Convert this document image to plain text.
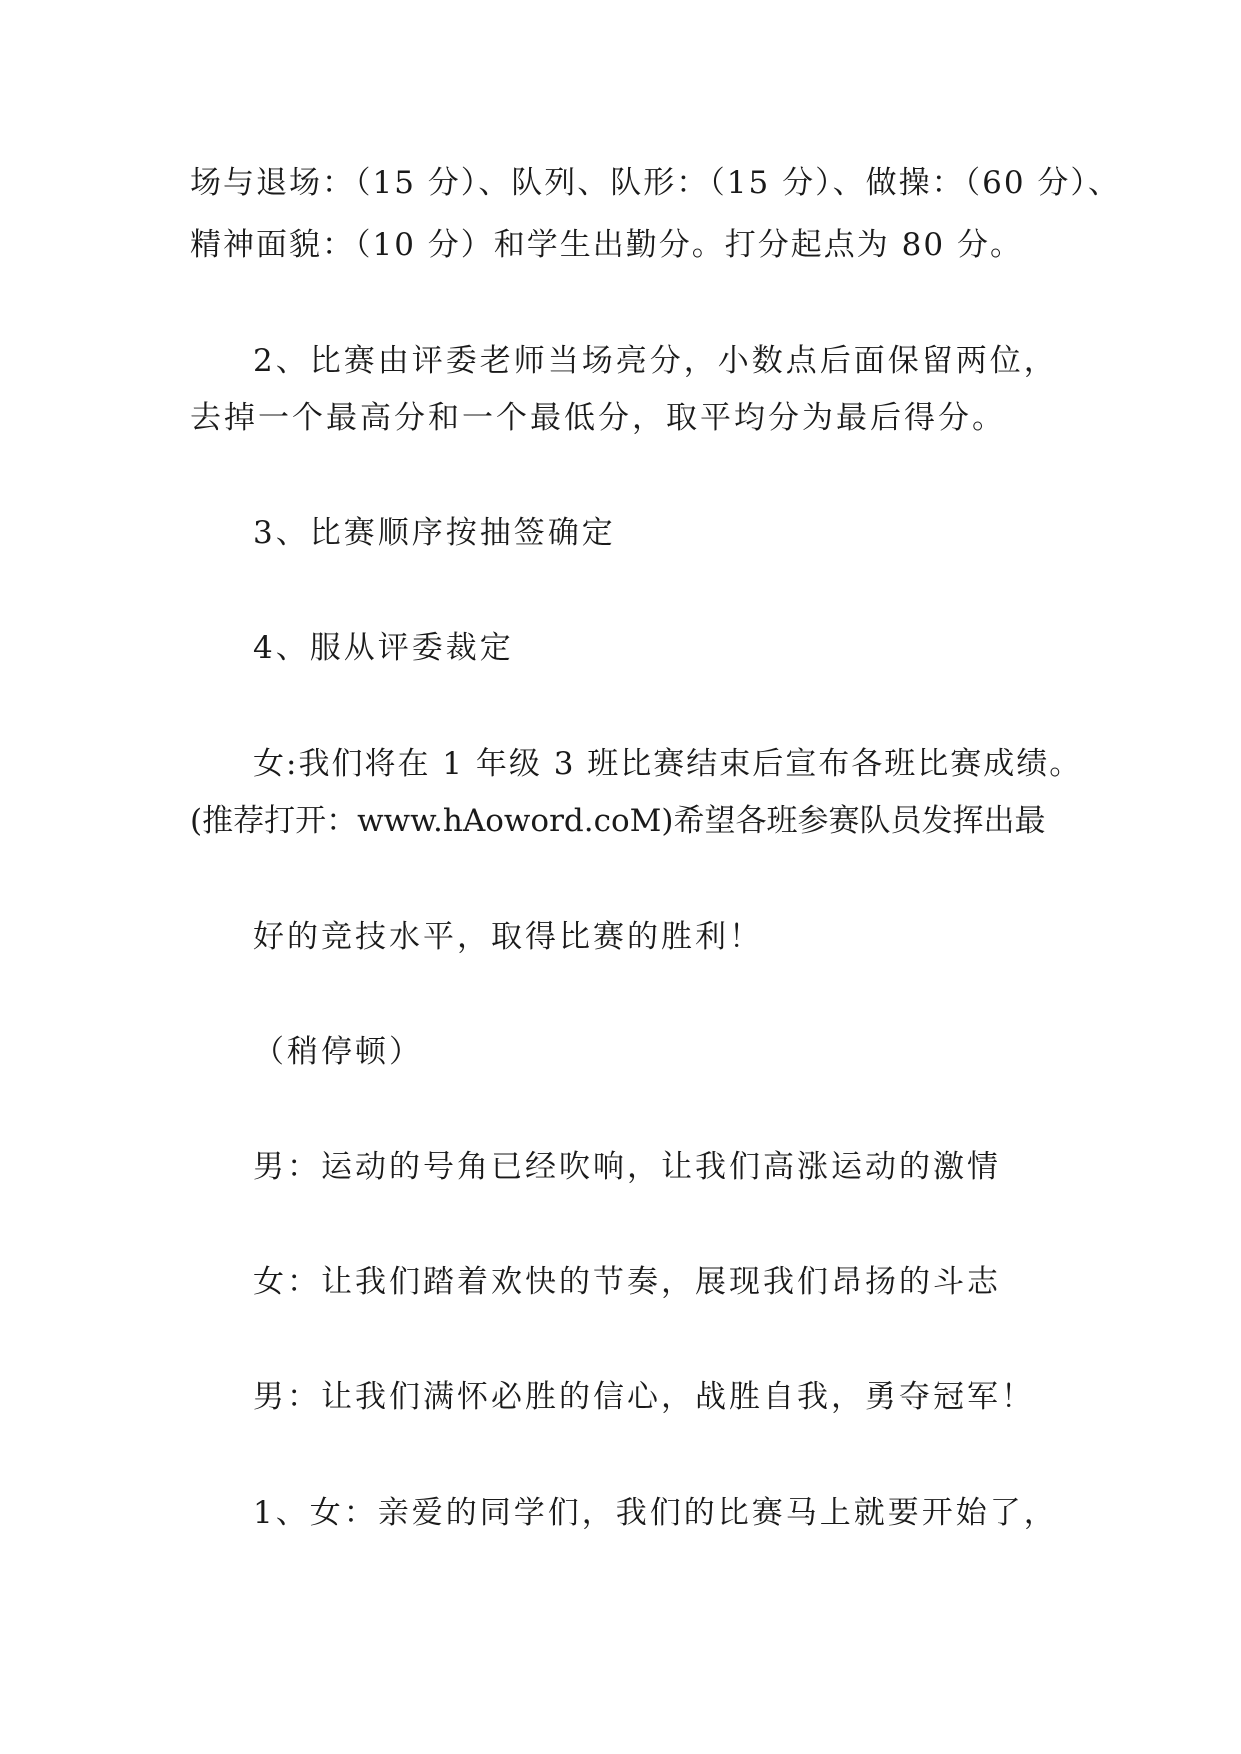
场与退场：（15 分）、队列、队形：（15 分）、做操：（60 分）、
精神面貌：（10 分）和学生出勤分。打分起点为 80 分。
2、比赛由评委老师当场亮分，小数点后面保留两位，
去掉一个最高分和一个最低分，取平均分为最后得分。
3、比赛顺序按抽签确定
4、服从评委裁定
女:我们将在 1 年级 3 班比赛结束后宣布各班比赛成绩。
(推荐打开：www.hAoword.coM)希望各班参赛队员发挥出最
好的竞技水平，取得比赛的胜利！
（稍停顿）
男：运动的号角已经吹响，让我们高涨运动的激情
女：让我们踏着欢快的节奏，展现我们昂扬的斗志
男：让我们满怀必胜的信心，战胜自我，勇夺冠军！
1、女：亲爱的同学们，我们的比赛马上就要开始了，
